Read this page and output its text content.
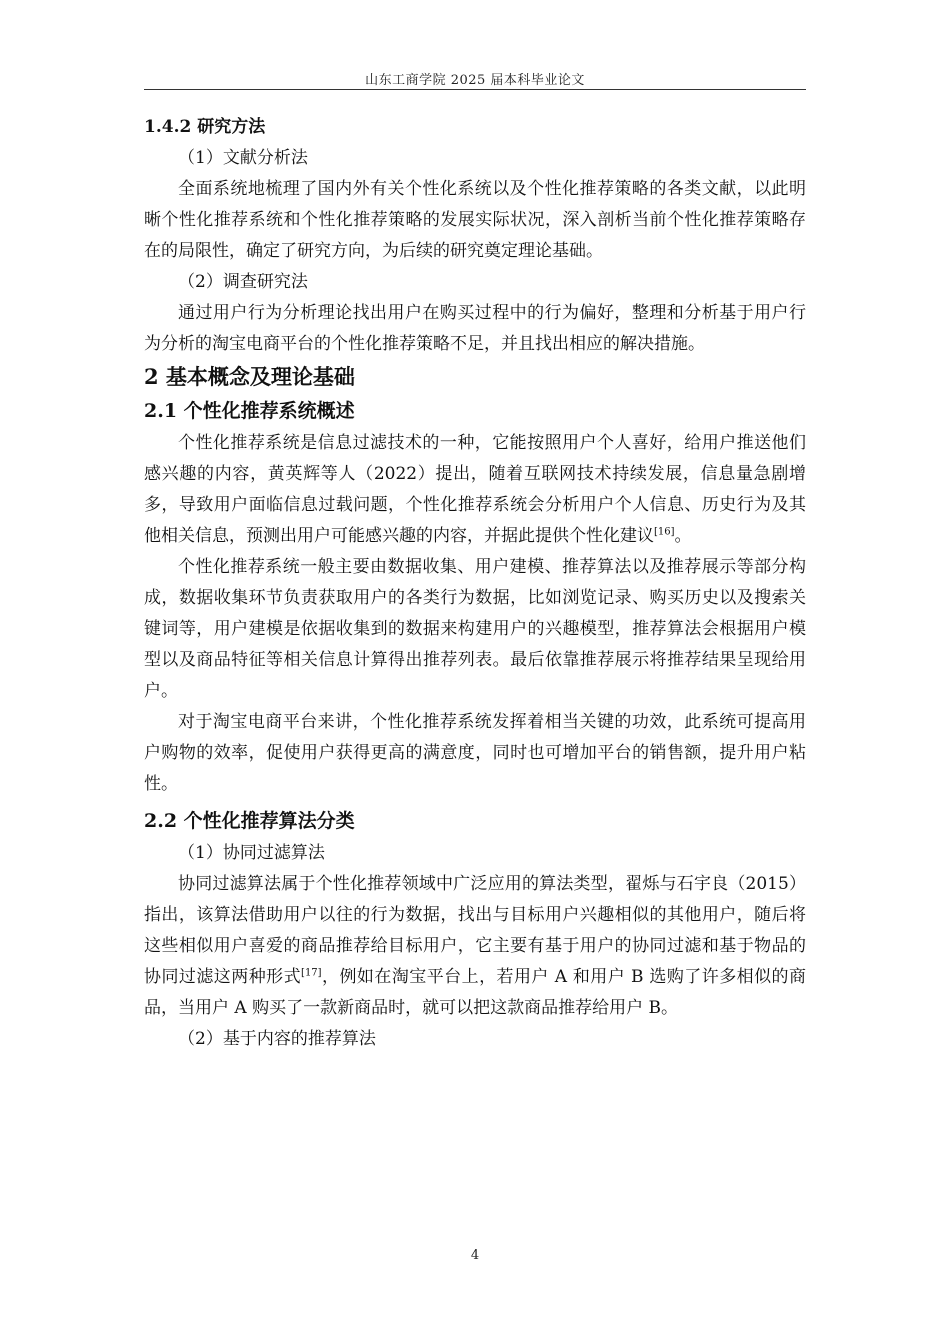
山东工商学院 2025 届本科毕业论文

1.4.2 研究方法

（1）文献分析法

全面系统地梳理了国内外有关个性化系统以及个性化推荐策略的各类文献，以此明晰个性化推荐系统和个性化推荐策略的发展实际状况，深入剖析当前个性化推荐策略存在的局限性，确定了研究方向，为后续的研究奠定理论基础。

（2）调查研究法

通过用户行为分析理论找出用户在购买过程中的行为偏好，整理和分析基于用户行为分析的淘宝电商平台的个性化推荐策略不足，并且找出相应的解决措施。

2 基本概念及理论基础

2.1 个性化推荐系统概述

个性化推荐系统是信息过滤技术的一种，它能按照用户个人喜好，给用户推送他们感兴趣的内容，黄英辉等人（2022）提出，随着互联网技术持续发展，信息量急剧增多，导致用户面临信息过载问题，个性化推荐系统会分析用户个人信息、历史行为及其他相关信息，预测出用户可能感兴趣的内容，并据此提供个性化建议[16]。

个性化推荐系统一般主要由数据收集、用户建模、推荐算法以及推荐展示等部分构成，数据收集环节负责获取用户的各类行为数据，比如浏览记录、购买历史以及搜索关键词等，用户建模是依据收集到的数据来构建用户的兴趣模型，推荐算法会根据用户模型以及商品特征等相关信息计算得出推荐列表。最后依靠推荐展示将推荐结果呈现给用户。

对于淘宝电商平台来讲，个性化推荐系统发挥着相当关键的功效，此系统可提高用户购物的效率，促使用户获得更高的满意度，同时也可增加平台的销售额，提升用户粘性。

2.2 个性化推荐算法分类

（1）协同过滤算法

协同过滤算法属于个性化推荐领域中广泛应用的算法类型，翟烁与石宇良（2015）指出，该算法借助用户以往的行为数据，找出与目标用户兴趣相似的其他用户，随后将这些相似用户喜爱的商品推荐给目标用户，它主要有基于用户的协同过滤和基于物品的协同过滤这两种形式[17]，例如在淘宝平台上，若用户 A 和用户 B 选购了许多相似的商品，当用户 A 购买了一款新商品时，就可以把这款商品推荐给用户 B。

（2）基于内容的推荐算法

4
